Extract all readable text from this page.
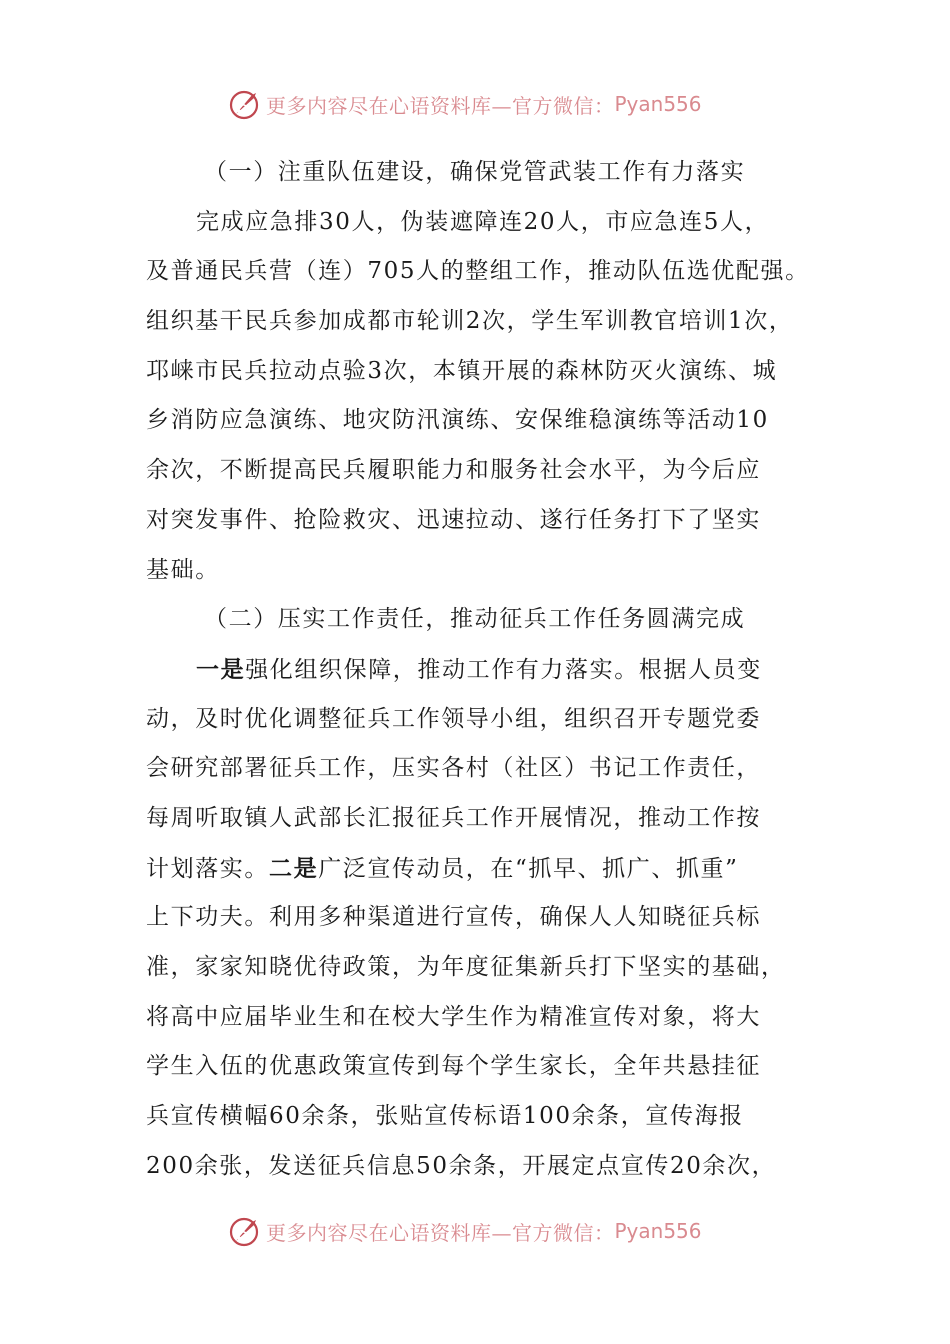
更多内容尽在心语资料库—官方微信： Pyan556
（一）注重队伍建设，确保党管武装工作有力落实
完成应急排30人，伪装遮障连20人，市应急连5人，
及普通民兵营（连）705人的整组工作，推动队伍选优配强。
组织基干民兵参加成都市轮训2次，学生军训教官培训1次，
邛崃市民兵拉动点验3次，本镇开展的森林防灭火演练、城
乡消防应急演练、地灾防汛演练、安保维稳演练等活动10
余次，不断提高民兵履职能力和服务社会水平，为今后应
对突发事件、抢险救灾、迅速拉动、遂行任务打下了坚实
基础。
（二）压实工作责任，推动征兵工作任务圆满完成
一是强化组织保障，推动工作有力落实。根据人员变
动，及时优化调整征兵工作领导小组，组织召开专题党委
会研究部署征兵工作，压实各村（社区）书记工作责任，
每周听取镇人武部长汇报征兵工作开展情况，推动工作按
计划落实。二是广泛宣传动员，在“抓早、抓广、抓重”
上下功夫。利用多种渠道进行宣传，确保人人知晓征兵标
准，家家知晓优待政策，为年度征集新兵打下坚实的基础，
将高中应届毕业生和在校大学生作为精准宣传对象，将大
学生入伍的优惠政策宣传到每个学生家长，全年共悬挂征
兵宣传横幅60余条，张贴宣传标语100余条，宣传海报
200余张，发送征兵信息50余条，开展定点宣传20余次，
更多内容尽在心语资料库—官方微信： Pyan556
